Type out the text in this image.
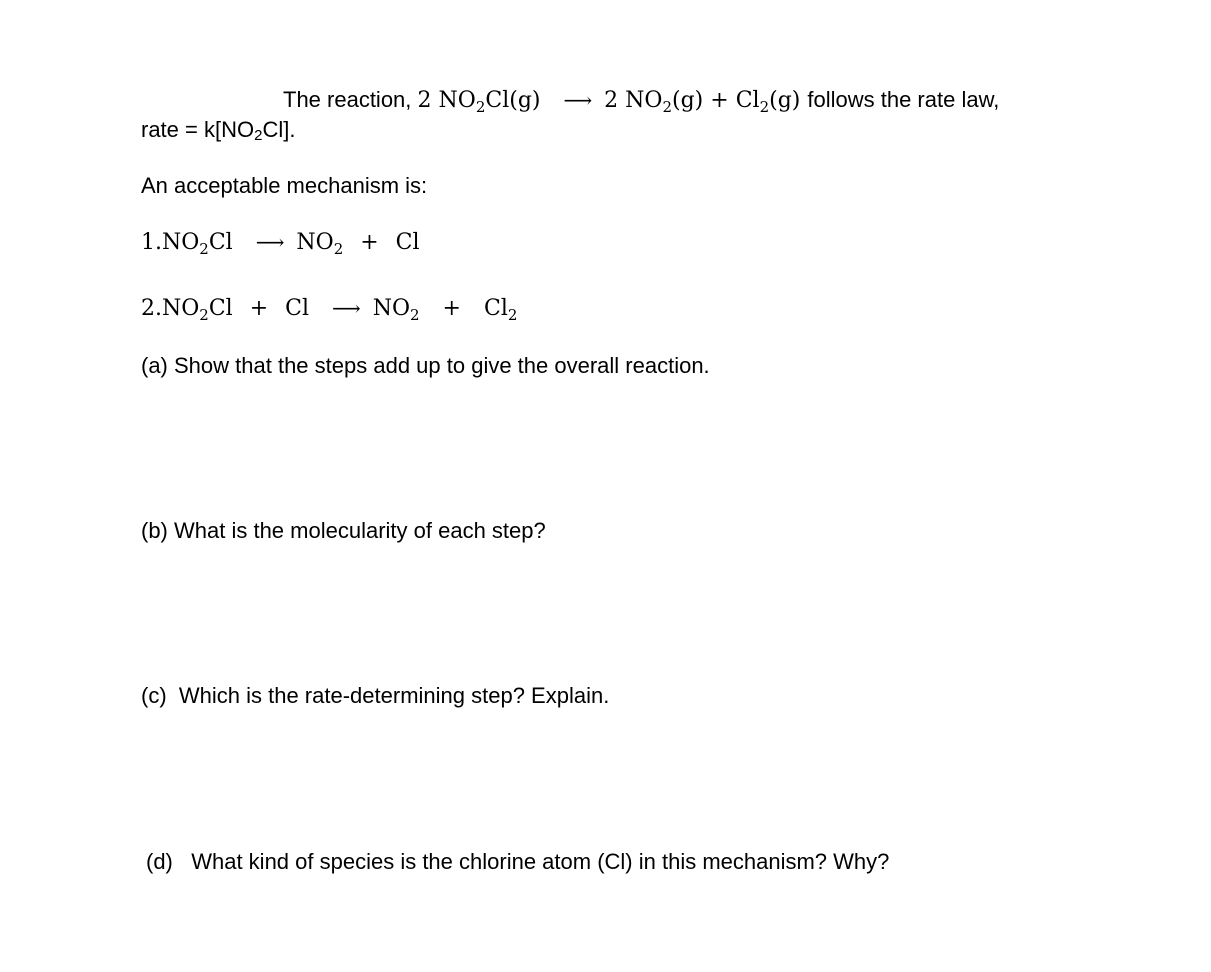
The reaction, 2 $NO_2Cl(g)$ ⟶ 2 $NO_2(g) + Cl_2(g)$ follows the rate law,
rate = k[NO2Cl].
An acceptable mechanism is:
$1.NO_2Cl$ ⟶ $NO_2 + Cl$
$2.NO_2Cl + Cl$ ⟶ $NO_2 + Cl_2$
(a) Show that the steps add up to give the overall reaction.
(b) What is the molecularity of each step?
(c)  Which is the rate-determining step? Explain.
(d)   What kind of species is the chlorine atom (Cl) in this mechanism? Why?
